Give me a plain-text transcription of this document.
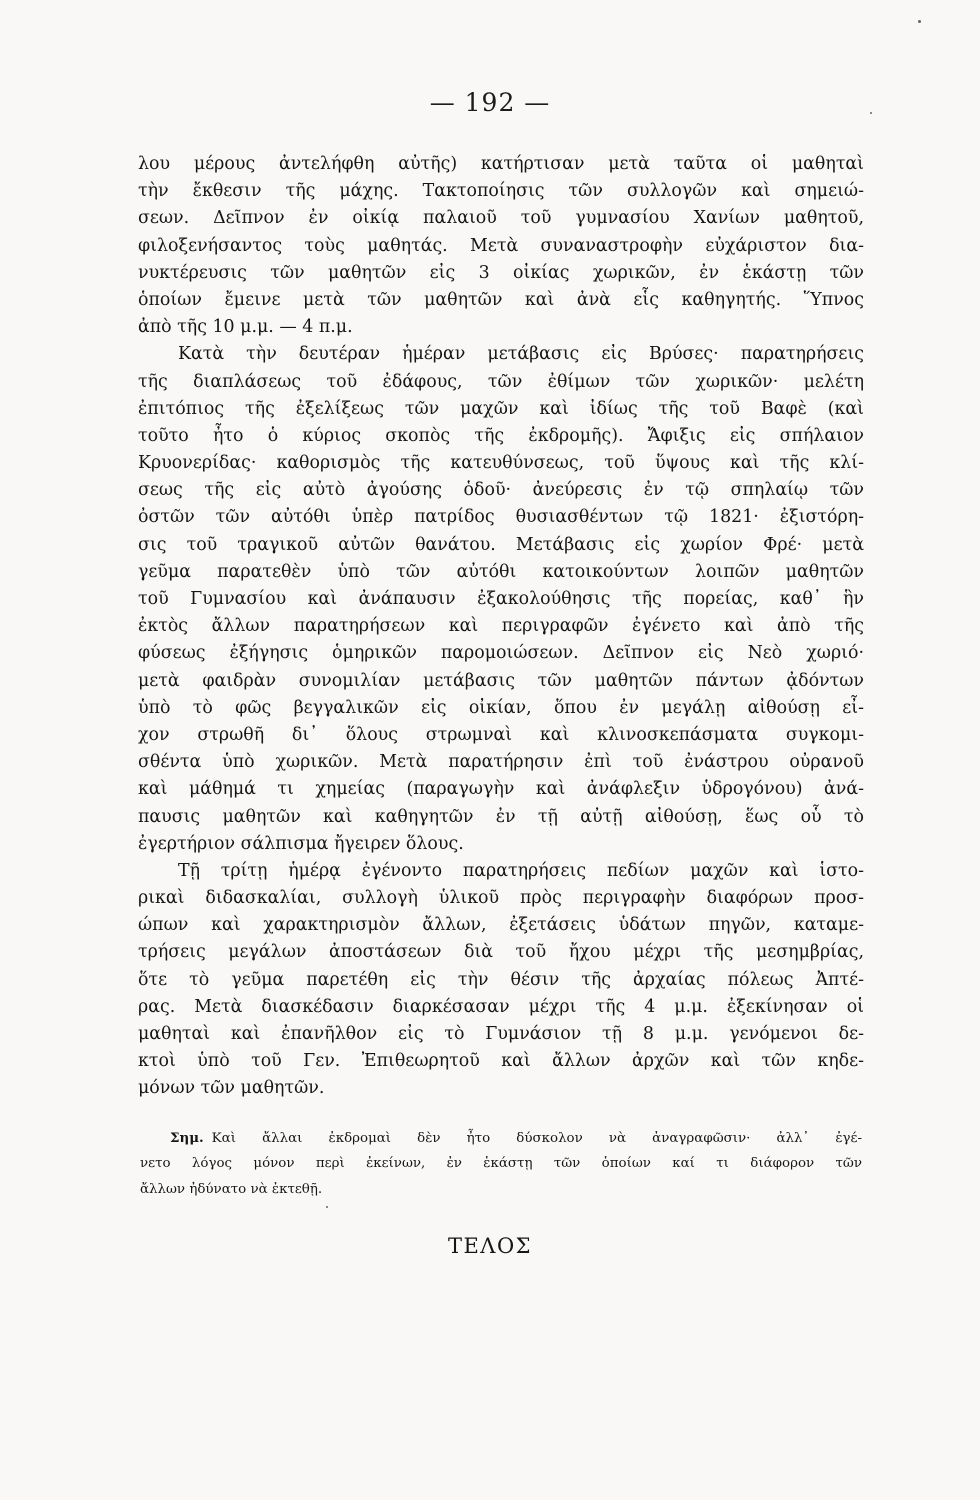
— 192 —
λου μέρους ἀντελήφθη αὐτῆς) κατήρτισαν μετὰ ταῦτα οἱ μαθηταὶ
τὴν ἔκθεσιν τῆς μάχης. Τακτοποίησις τῶν συλλογῶν καὶ σημειώ-
σεων. Δεῖπνον ἐν οἰκίᾳ παλαιοῦ τοῦ γυμνασίου Χανίων μαθητοῦ,
φιλοξενήσαντος τοὺς μαθητάς. Μετὰ συναναστροφὴν εὐχάριστον δια-
νυκτέρευσις τῶν μαθητῶν εἰς 3 οἰκίας χωρικῶν, ἐν ἑκάστῃ τῶν
ὁποίων ἔμεινε μετὰ τῶν μαθητῶν καὶ ἀνὰ εἷς καθηγητής. Ὕπνος
ἀπὸ τῆς 10 μ.μ. — 4 π.μ.
Κατὰ τὴν δευτέραν ἡμέραν μετάβασις εἰς Βρύσες· παρατηρήσεις
τῆς διαπλάσεως τοῦ ἐδάφους, τῶν ἐθίμων τῶν χωρικῶν· μελέτη
ἐπιτόπιος τῆς ἐξελίξεως τῶν μαχῶν καὶ ἰδίως τῆς τοῦ Βαφὲ (καὶ
τοῦτο ἦτο ὁ κύριος σκοπὸς τῆς ἐκδρομῆς). Ἄφιξις εἰς σπήλαιον
Κρυονερίδας· καθορισμὸς τῆς κατευθύνσεως, τοῦ ὕψους καὶ τῆς κλί-
σεως τῆς εἰς αὐτὸ ἀγούσης ὁδοῦ· ἀνεύρεσις ἐν τῷ σπηλαίῳ τῶν
ὀστῶν τῶν αὐτόθι ὑπὲρ πατρίδος θυσιασθέντων τῷ 1821· ἐξιστόρη-
σις τοῦ τραγικοῦ αὐτῶν θανάτου. Μετάβασις εἰς χωρίον Φρέ· μετὰ
γεῦμα παρατεθὲν ὑπὸ τῶν αὐτόθι κατοικούντων λοιπῶν μαθητῶν
τοῦ Γυμνασίου καὶ ἀνάπαυσιν ἐξακολούθησις τῆς πορείας, καθ᾽ ἣν
ἐκτὸς ἄλλων παρατηρήσεων καὶ περιγραφῶν ἐγένετο καὶ ἀπὸ τῆς
φύσεως ἐξήγησις ὁμηρικῶν παρομοιώσεων. Δεῖπνον εἰς Νεὸ χωριό·
μετὰ φαιδρὰν συνομιλίαν μετάβασις τῶν μαθητῶν πάντων ᾀδόντων
ὑπὸ τὸ φῶς βεγγαλικῶν εἰς οἰκίαν, ὅπου ἐν μεγάλῃ αἰθούσῃ εἶ-
χον στρωθῆ δι᾽ ὅλους στρωμναὶ καὶ κλινοσκεπάσματα συγκομι-
σθέντα ὑπὸ χωρικῶν. Μετὰ παρατήρησιν ἐπὶ τοῦ ἐνάστρου οὐρανοῦ
καὶ μάθημά τι χημείας (παραγωγὴν καὶ ἀνάφλεξιν ὑδρογόνου) ἀνά-
παυσις μαθητῶν καὶ καθηγητῶν ἐν τῇ αὐτῇ αἰθούσῃ, ἕως οὗ τὸ
ἐγερτήριον σάλπισμα ἤγειρεν ὅλους.
Τῇ τρίτῃ ἡμέρᾳ ἐγένοντο παρατηρήσεις πεδίων μαχῶν καὶ ἱστο-
ρικαὶ διδασκαλίαι, συλλογὴ ὑλικοῦ πρὸς περιγραφὴν διαφόρων προσ-
ώπων καὶ χαρακτηρισμὸν ἄλλων, ἐξετάσεις ὑδάτων πηγῶν, καταμε-
τρήσεις μεγάλων ἀποστάσεων διὰ τοῦ ἤχου μέχρι τῆς μεσημβρίας,
ὅτε τὸ γεῦμα παρετέθη εἰς τὴν θέσιν τῆς ἀρχαίας πόλεως Ἀπτέ-
ρας. Μετὰ διασκέδασιν διαρκέσασαν μέχρι τῆς 4 μ.μ. ἐξεκίνησαν οἱ
μαθηταὶ καὶ ἐπανῆλθον εἰς τὸ Γυμνάσιον τῇ 8 μ.μ. γενόμενοι δε-
κτοὶ ὑπὸ τοῦ Γεν. Ἐπιθεωρητοῦ καὶ ἄλλων ἀρχῶν καὶ τῶν κηδε-
μόνων τῶν μαθητῶν.
Σημ. Καὶ ἄλλαι ἐκδρομαὶ δὲν ἦτο δύσκολον νὰ ἀναγραφῶσιν· ἀλλ᾽ ἐγέ-
νετο λόγος μόνον περὶ ἐκείνων, ἐν ἑκάστῃ τῶν ὁποίων καί τι διάφορον τῶν
ἄλλων ἠδύνατο νὰ ἐκτεθῇ.
ΤΕΛΟΣ
